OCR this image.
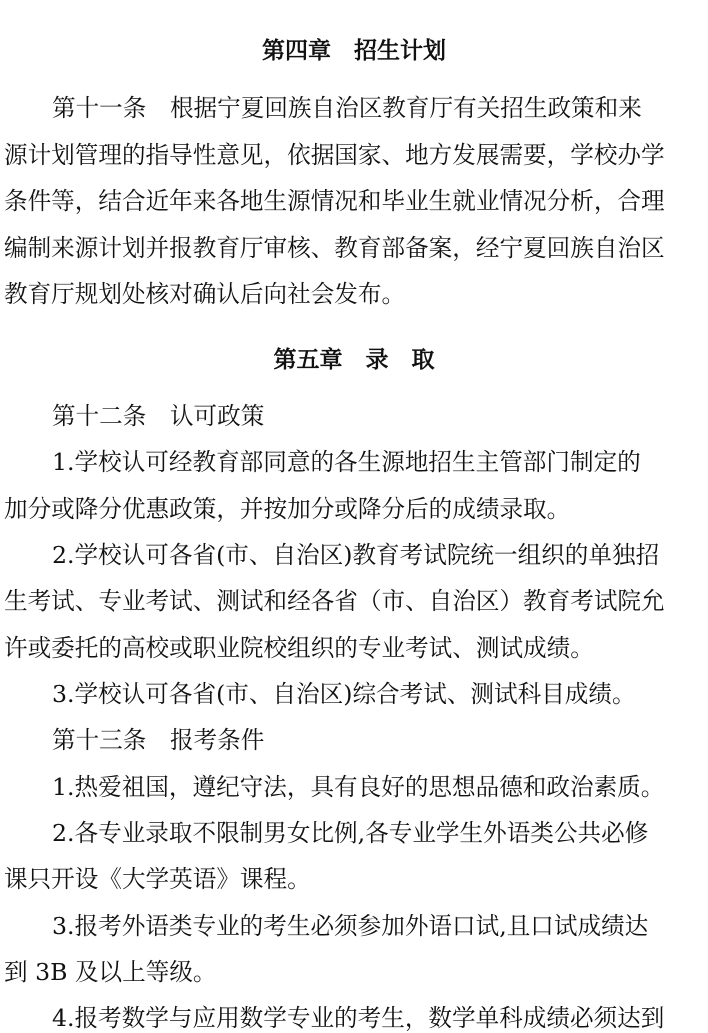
第四章　招生计划
第十一条　根据宁夏回族自治区教育厅有关招生政策和来
源计划管理的指导性意见，依据国家、地方发展需要，学校办学
条件等，结合近年来各地生源情况和毕业生就业情况分析，合理
编制来源计划并报教育厅审核、教育部备案，经宁夏回族自治区
教育厅规划处核对确认后向社会发布。
第五章　录　取
第十二条　认可政策
1.学校认可经教育部同意的各生源地招生主管部门制定的
加分或降分优惠政策，并按加分或降分后的成绩录取。
2.学校认可各省(市、自治区)教育考试院统一组织的单独招
生考试、专业考试、测试和经各省（市、自治区）教育考试院允
许或委托的高校或职业院校组织的专业考试、测试成绩。
3.学校认可各省(市、自治区)综合考试、测试科目成绩。
第十三条　报考条件
1.热爱祖国，遵纪守法，具有良好的思想品德和政治素质。
2.各专业录取不限制男女比例,各专业学生外语类公共必修
课只开设《大学英语》课程。
3.报考外语类专业的考生必须参加外语口试,且口试成绩达
到 3B 及以上等级。
4.报考数学与应用数学专业的考生，数学单科成绩必须达到
